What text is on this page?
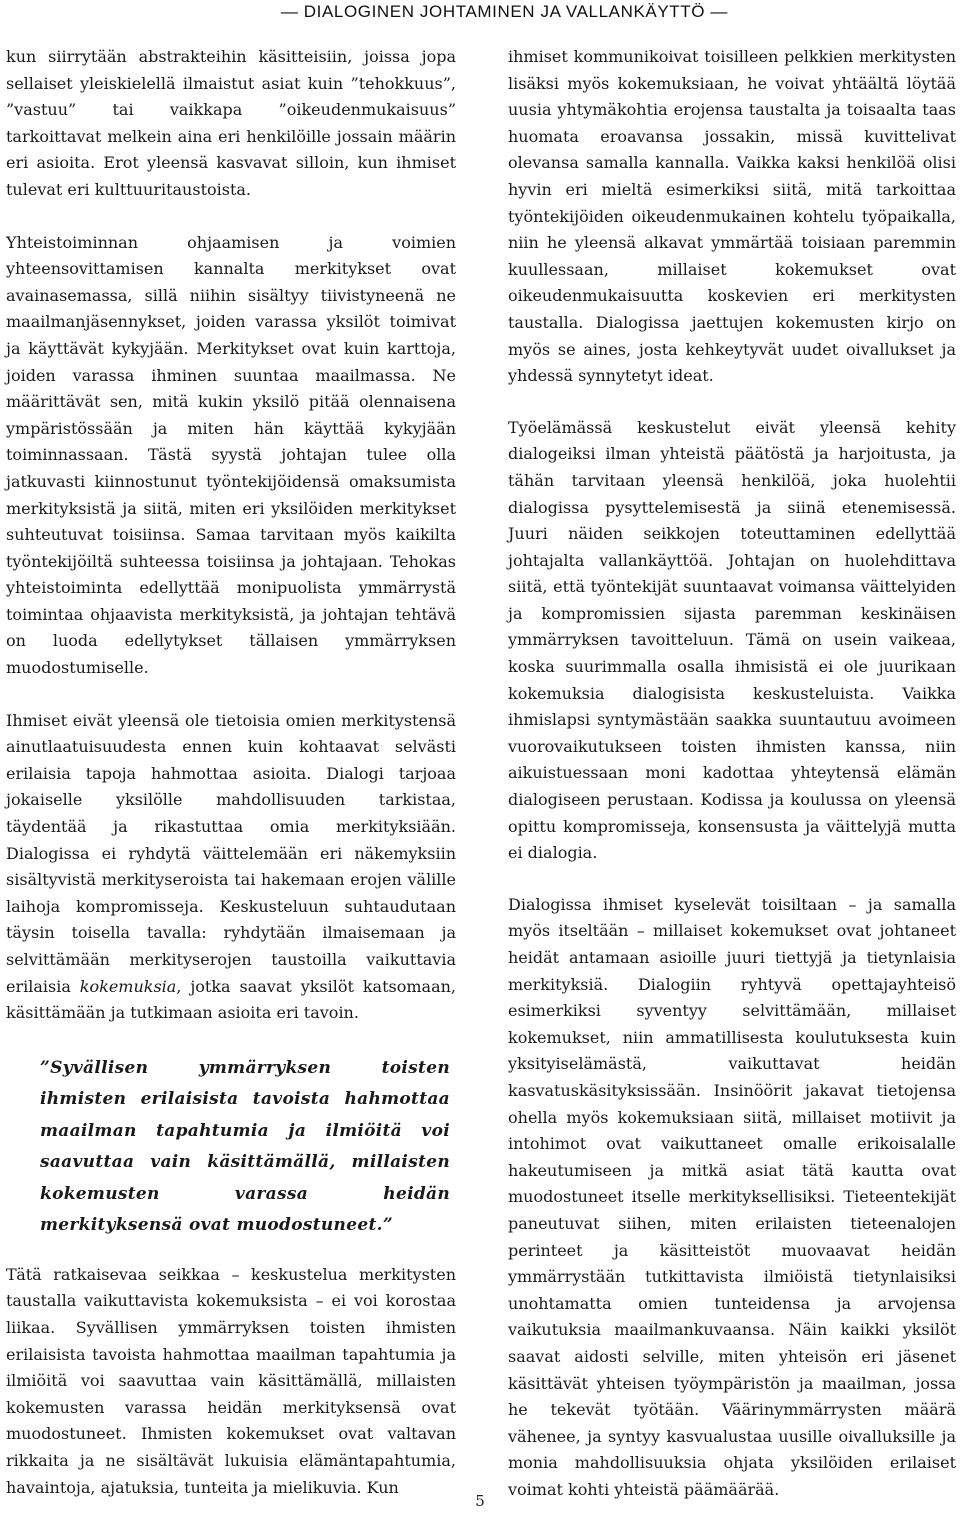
— DIALOGINEN JOHTAMINEN JA VALLANKÄYTTÖ —

kun siirrytään abstrakteihin käsitteisiin, joissa jopa sellaiset yleiskielellä ilmaistut asiat kuin ”tehokkuus”, ”vastuu” tai vaikkapa ”oikeudenmukaisuus” tarkoittavat melkein aina eri henkilöille jossain määrin eri asioita. Erot yleensä kasvavat silloin, kun ihmiset tulevat eri kulttuuritaustoista.

Yhteistoiminnan ohjaamisen ja voimien yhteensovittamisen kannalta merkitykset ovat avainasemassa, sillä niihin sisältyy tiivistyneenä ne maailmanjäsennykset, joiden varassa yksilöt toimivat ja käyttävät kykyjään. Merkitykset ovat kuin karttoja, joiden varassa ihminen suuntaa maailmassa. Ne määrittävät sen, mitä kukin yksilö pitää olennaisena ympäristössään ja miten hän käyttää kykyjään toiminnassaan. Tästä syystä johtajan tulee olla jatkuvasti kiinnostunut työntekijöidensä omaksumista merkityksistä ja siitä, miten eri yksilöiden merkitykset suhteutuvat toisiinsa. Samaa tarvitaan myös kaikilta työntekijöiltä suhteessa toisiinsa ja johtajaan. Tehokas yhteistoiminta edellyttää monipuolista ymmärrystä toimintaa ohjaavista merkityksistä, ja johtajan tehtävä on luoda edellytykset tällaisen ymmärryksen muodostumiselle.

Ihmiset eivät yleensä ole tietoisia omien merkitystensä ainutlaatuisuudesta ennen kuin kohtaavat selvästi erilaisia tapoja hahmottaa asioita. Dialogi tarjoaa jokaiselle yksilölle mahdollisuuden tarkistaa, täydentää ja rikastuttaa omia merkityksiään. Dialogissa ei ryhdytä väittelemään eri näkemyksiin sisältyvistä merkityseroista tai hakemaan erojen välille laihoja kompromisseja. Keskusteluun suhtaudutaan täysin toisella tavalla: ryhdytään ilmaisemaan ja selvittämään merkityserojen taustoilla vaikuttavia erilaisia kokemuksia, jotka saavat yksilöt katsomaan, käsittämään ja tutkimaan asioita eri tavoin.

”Syvällisen ymmärryksen toisten ihmisten erilaisista tavoista hahmottaa maailman tapahtumia ja ilmiöitä voi saavuttaa vain käsittämällä, millaisten kokemusten varassa heidän merkityksensä ovat muodostuneet.”

Tätä ratkaisevaa seikkaa – keskustelua merkitysten taustalla vaikuttavista kokemuksista – ei voi korostaa liikaa. Syvällisen ymmärryksen toisten ihmisten erilaisista tavoista hahmottaa maailman tapahtumia ja ilmiöitä voi saavuttaa vain käsittämällä, millaisten kokemusten varassa heidän merkityksensä ovat muodostuneet. Ihmisten kokemukset ovat valtavan rikkaita ja ne sisältävät lukuisia elämäntapahtumia, havaintoja, ajatuksia, tunteita ja mielikuvia. Kun

ihmiset kommunikoivat toisilleen pelkkien merkitysten lisäksi myös kokemuksiaan, he voivat yhtäältä löytää uusia yhtymäkohtia erojensa taustalta ja toisaalta taas huomata eroavansa jossakin, missä kuvittelivat olevansa samalla kannalla. Vaikka kaksi henkilöä olisi hyvin eri mieltä esimerkiksi siitä, mitä tarkoittaa työntekijöiden oikeudenmukainen kohtelu työpaikalla, niin he yleensä alkavat ymmärtää toisiaan paremmin kuullessaan, millaiset kokemukset ovat oikeudenmukaisuutta koskevien eri merkitysten taustalla. Dialogissa jaettujen kokemusten kirjo on myös se aines, josta kehkeytyvät uudet oivallukset ja yhdessä synnytetyt ideat.

Työelämässä keskustelut eivät yleensä kehity dialogeiksi ilman yhteistä päätöstä ja harjoitusta, ja tähän tarvitaan yleensä henkilöä, joka huolehtii dialogissa pysyttelemisestä ja siinä etenemisessä. Juuri näiden seikkojen toteuttaminen edellyttää johtajalta vallankäyttöä. Johtajan on huolehdittava siitä, että työntekijät suuntaavat voimansa väittelyiden ja kompromissien sijasta paremman keskinäisen ymmärryksen tavoitteluun. Tämä on usein vaikeaa, koska suurimmalla osalla ihmisistä ei ole juurikaan kokemuksia dialogisista keskusteluista. Vaikka ihmislapsi syntymästään saakka suuntautuu avoimeen vuorovaikutukseen toisten ihmisten kanssa, niin aikuistuessaan moni kadottaa yhteytensä elämän dialogiseen perustaan. Kodissa ja koulussa on yleensä opittu kompromisseja, konsensusta ja väittelyjä mutta ei dialogia.

Dialogissa ihmiset kyselevät toisiltaan – ja samalla myös itseltään – millaiset kokemukset ovat johtaneet heidät antamaan asioille juuri tiettyjä ja tietynlaisia merkityksiä. Dialogiin ryhtyvä opettajayhteisö esimerkiksi syventyy selvittämään, millaiset kokemukset, niin ammatillisesta koulutuksesta kuin yksityiselämästä, vaikuttavat heidän kasvatuskäsityksissään. Insinöörit jakavat tietojensa ohella myös kokemuksiaan siitä, millaiset motiivit ja intohimot ovat vaikuttaneet omalle erikoisalalle hakeutumiseen ja mitkä asiat tätä kautta ovat muodostuneet itselle merkityksellisiksi. Tieteentekijät paneutuvat siihen, miten erilaisten tieteenalojen perinteet ja käsitteistöt muovaavat heidän ymmärrystään tutkittavista ilmiöistä tietynlaisiksi unohtamatta omien tunteidensa ja arvojensa vaikutuksia maailmankuvaansa. Näin kaikki yksilöt saavat aidosti selville, miten yhteisön eri jäsenet käsittävät yhteisen työympäristön ja maailman, jossa he tekevät työtään. Väärinymmärrysten määrä vähenee, ja syntyy kasvualustaa uusille oivalluksille ja monia mahdollisuuksia ohjata yksilöiden erilaiset voimat kohti yhteistä päämäärää.

5
